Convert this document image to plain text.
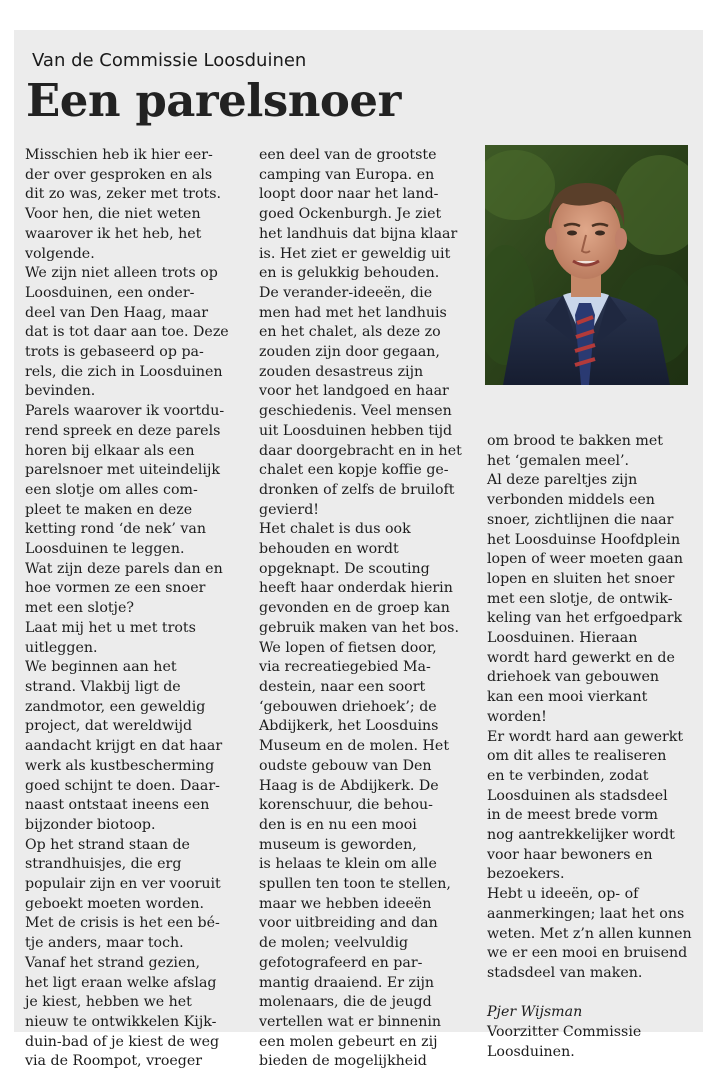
Van de Commissie Loosduinen
Een parelsnoer
Misschien heb ik hier eer-
der over gesproken en als
dit zo was, zeker met trots.
Voor hen, die niet weten
waarover ik het heb, het
volgende.
We zijn niet alleen trots op
Loosduinen, een onder-
deel van Den Haag, maar
dat is tot daar aan toe. Deze
trots is gebaseerd op pa-
rels, die zich in Loosduinen
bevinden.
Parels waarover ik voortdu-
rend spreek en deze parels
horen bij elkaar als een
parelsnoer met uiteindelijk
een slotje om alles com-
pleet te maken en deze
ketting rond ‘de nek’ van
Loosduinen te leggen.
Wat zijn deze parels dan en
hoe vormen ze een snoer
met een slotje?
Laat mij het u met trots
uitleggen.
We beginnen aan het
strand. Vlakbij ligt de
zandmotor, een geweldig
project, dat wereldwijd
aandacht krijgt en dat haar
werk als kustbescherming
goed schijnt te doen. Daar-
naast ontstaat ineens een
bijzonder biotoop.
Op het strand staan de
strandhuisjes, die erg
populair zijn en ver vooruit
geboekt moeten worden.
Met de crisis is het een bé-
tje anders, maar toch.
Vanaf het strand gezien,
het ligt eraan welke afslag
je kiest, hebben we het
nieuw te ontwikkelen Kijk-
duin-bad of je kiest de weg
via de Roompot, vroeger
een deel van de grootste
camping van Europa. en
loopt door naar het land-
goed Ockenburgh. Je ziet
het landhuis dat bijna klaar
is. Het ziet er geweldig uit
en is gelukkig behouden.
De verander-ideeën, die
men had met het landhuis
en het chalet, als deze zo
zouden zijn door gegaan,
zouden desastreus zijn
voor het landgoed en haar
geschiedenis. Veel mensen
uit Loosduinen hebben tijd
daar doorgebracht en in het
chalet een kopje koffie ge-
dronken of zelfs de bruiloft
gevierd!
Het chalet is dus ook
behouden en wordt
opgeknapt. De scouting
heeft haar onderdak hierin
gevonden en de groep kan
gebruik maken van het bos.
We lopen of fietsen door,
via recreatiegebied Ma-
destein, naar een soort
‘gebouwen driehoek’; de
Abdijkerk, het Loosduins
Museum en de molen. Het
oudste gebouw van Den
Haag is de Abdijkerk. De
korenschuur, die behou-
den is en nu een mooi
museum is geworden,
is helaas te klein om alle
spullen ten toon te stellen,
maar we hebben ideeën
voor uitbreiding and dan
de molen; veelvuldig
gefotografeerd en par-
mantig draaiend. Er zijn
molenaars, die de jeugd
vertellen wat er binnenin
een molen gebeurt en zij
bieden de mogelijkheid
om brood te bakken met
het ‘gemalen meel’.
Al deze pareltjes zijn
verbonden middels een
snoer, zichtlijnen die naar
het Loosduinse Hoofdplein
lopen of weer moeten gaan
lopen en sluiten het snoer
met een slotje, de ontwik-
keling van het erfgoedpark
Loosduinen. Hieraan
wordt hard gewerkt en de
driehoek van gebouwen
kan een mooi vierkant
worden!
Er wordt hard aan gewerkt
om dit alles te realiseren
en te verbinden, zodat
Loosduinen als stadsdeel
in de meest brede vorm
nog aantrekkelijker wordt
voor haar bewoners en
bezoekers.
Hebt u ideeën, op- of
aanmerkingen; laat het ons
weten. Met z’n allen kunnen
we er een mooi en bruisend
stadsdeel van maken.

Pjer Wijsman
Voorzitter Commissie
Loosduinen.
